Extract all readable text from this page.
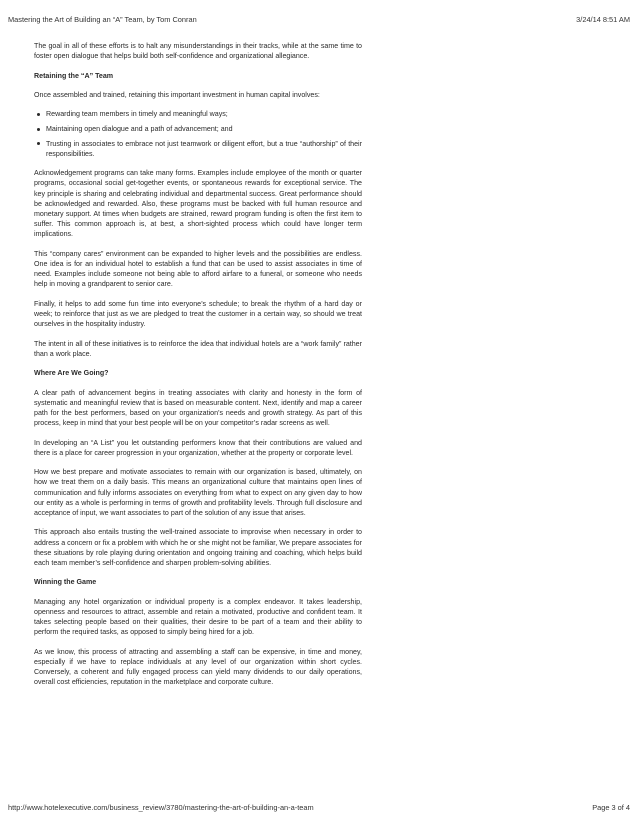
Mastering the Art of Building an “A” Team, by Tom Conran	3/24/14 8:51 AM

The goal in all of these efforts is to halt any misunderstandings in their tracks, while at the same time to foster open dialogue that helps build both self-confidence and organizational allegiance.

Retaining the “A” Team

Once assembled and trained, retaining this important investment in human capital involves:

Rewarding team members in timely and meaningful ways;
Maintaining open dialogue and a path of advancement; and
Trusting in associates to embrace not just teamwork or diligent effort, but a true “authorship” of their responsibilities.

Acknowledgement programs can take many forms. Examples include employee of the month or quarter programs, occasional social get-together events, or spontaneous rewards for exceptional service. The key principle is sharing and celebrating individual and departmental success. Great performance should be acknowledged and rewarded. Also, these programs must be backed with full human resource and monetary support. At times when budgets are strained, reward program funding is often the first item to suffer. This common approach is, at best, a short-sighted process which could have longer term implications.

This “company cares” environment can be expanded to higher levels and the possibilities are endless. One idea is for an individual hotel to establish a fund that can be used to assist associates in time of need. Examples include someone not being able to afford airfare to a funeral, or someone who needs help in moving a grandparent to senior care.

Finally, it helps to add some fun time into everyone’s schedule; to break the rhythm of a hard day or week; to reinforce that just as we are pledged to treat the customer in a certain way, so should we treat ourselves in the hospitality industry.

The intent in all of these initiatives is to reinforce the idea that individual hotels are a “work family” rather than a work place.

Where Are We Going?

A clear path of advancement begins in treating associates with clarity and honesty in the form of systematic and meaningful review that is based on measurable content. Next, identify and map a career path for the best performers, based on your organization’s needs and growth strategy. As part of this process, keep in mind that your best people will be on your competitor’s radar screens as well.

In developing an “A List” you let outstanding performers know that their contributions are valued and there is a place for career progression in your organization, whether at the property or corporate level.

How we best prepare and motivate associates to remain with our organization is based, ultimately, on how we treat them on a daily basis. This means an organizational culture that maintains open lines of communication and fully informs associates on everything from what to expect on any given day to how our entity as a whole is performing in terms of growth and profitability levels. Through full disclosure and acceptance of input, we want associates to part of the solution of any issue that arises.

This approach also entails trusting the well-trained associate to improvise when necessary in order to address a concern or fix a problem with which he or she might not be familiar, We prepare associates for these situations by role playing during orientation and ongoing training and coaching, which helps build each team member’s self-confidence and sharpen problem-solving abilities.

Winning the Game

Managing any hotel organization or individual property is a complex endeavor. It takes leadership, openness and resources to attract, assemble and retain a motivated, productive and confident team. It takes selecting people based on their qualities, their desire to be part of a team and their ability to perform the required tasks, as opposed to simply being hired for a job.

As we know, this process of attracting and assembling a staff can be expensive, in time and money, especially if we have to replace individuals at any level of our organization within short cycles. Conversely, a coherent and fully engaged process can yield many dividends to our daily operations, overall cost efficiencies, reputation in the marketplace and corporate culture.

http://www.hotelexecutive.com/business_review/3780/mastering-the-art-of-building-an-a-team	Page 3 of 4
